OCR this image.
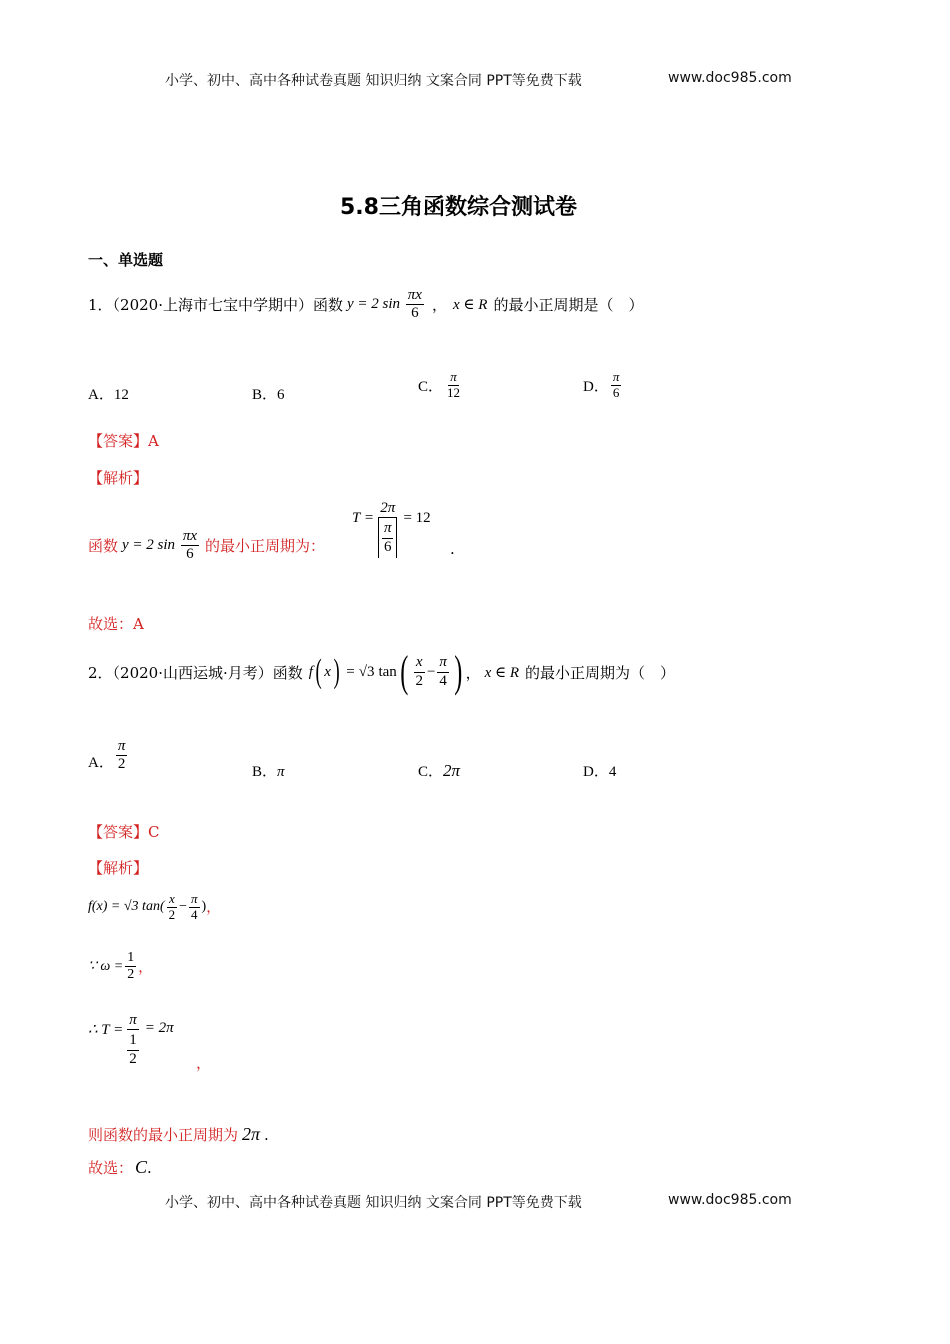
小学、初中、高中各种试卷真题 知识归纳 文案合同 PPT等免费下载	www.doc985.com
5.8三角函数综合测试卷
一、单选题
1．（2020·上海市七宝中学期中）函数 y = 2 $\sin \frac{\pi x}{6}$ ， x ∈ R 的最小正周期是（　）
A．12	B．6
C． $\frac{\pi}{12}$	D． $\frac{\pi}{6}$
【答案】A
【解析】
函数 y = 2 $\sin \frac{\pi x}{6}$ 的最小正周期为：
$T = \frac{2\pi}{\frac{\pi}{6}} = 12$
.
故选：A
2．（2020·山西运城·月考）函数 f ( x ) = √3 tan ( $\frac{x}{2} - \frac{\pi}{4}$ ) ， x ∈ R 的最小正周期为（　）
A． $\frac{\pi}{2}$	B．π	C．2π	D．4
【答案】C
【解析】
f(x) = √3 $\tan( \frac{x}{2} - \frac{\pi}{4}$ ) ，
∵ $\omega = \frac{1}{2}$ ，
∴ $T = \frac{\pi}{\frac{1}{2}} = 2\pi$
，
则函数的最小正周期为 2π .
故选： C .
小学、初中、高中各种试卷真题 知识归纳 文案合同 PPT等免费下载	www.doc985.com
